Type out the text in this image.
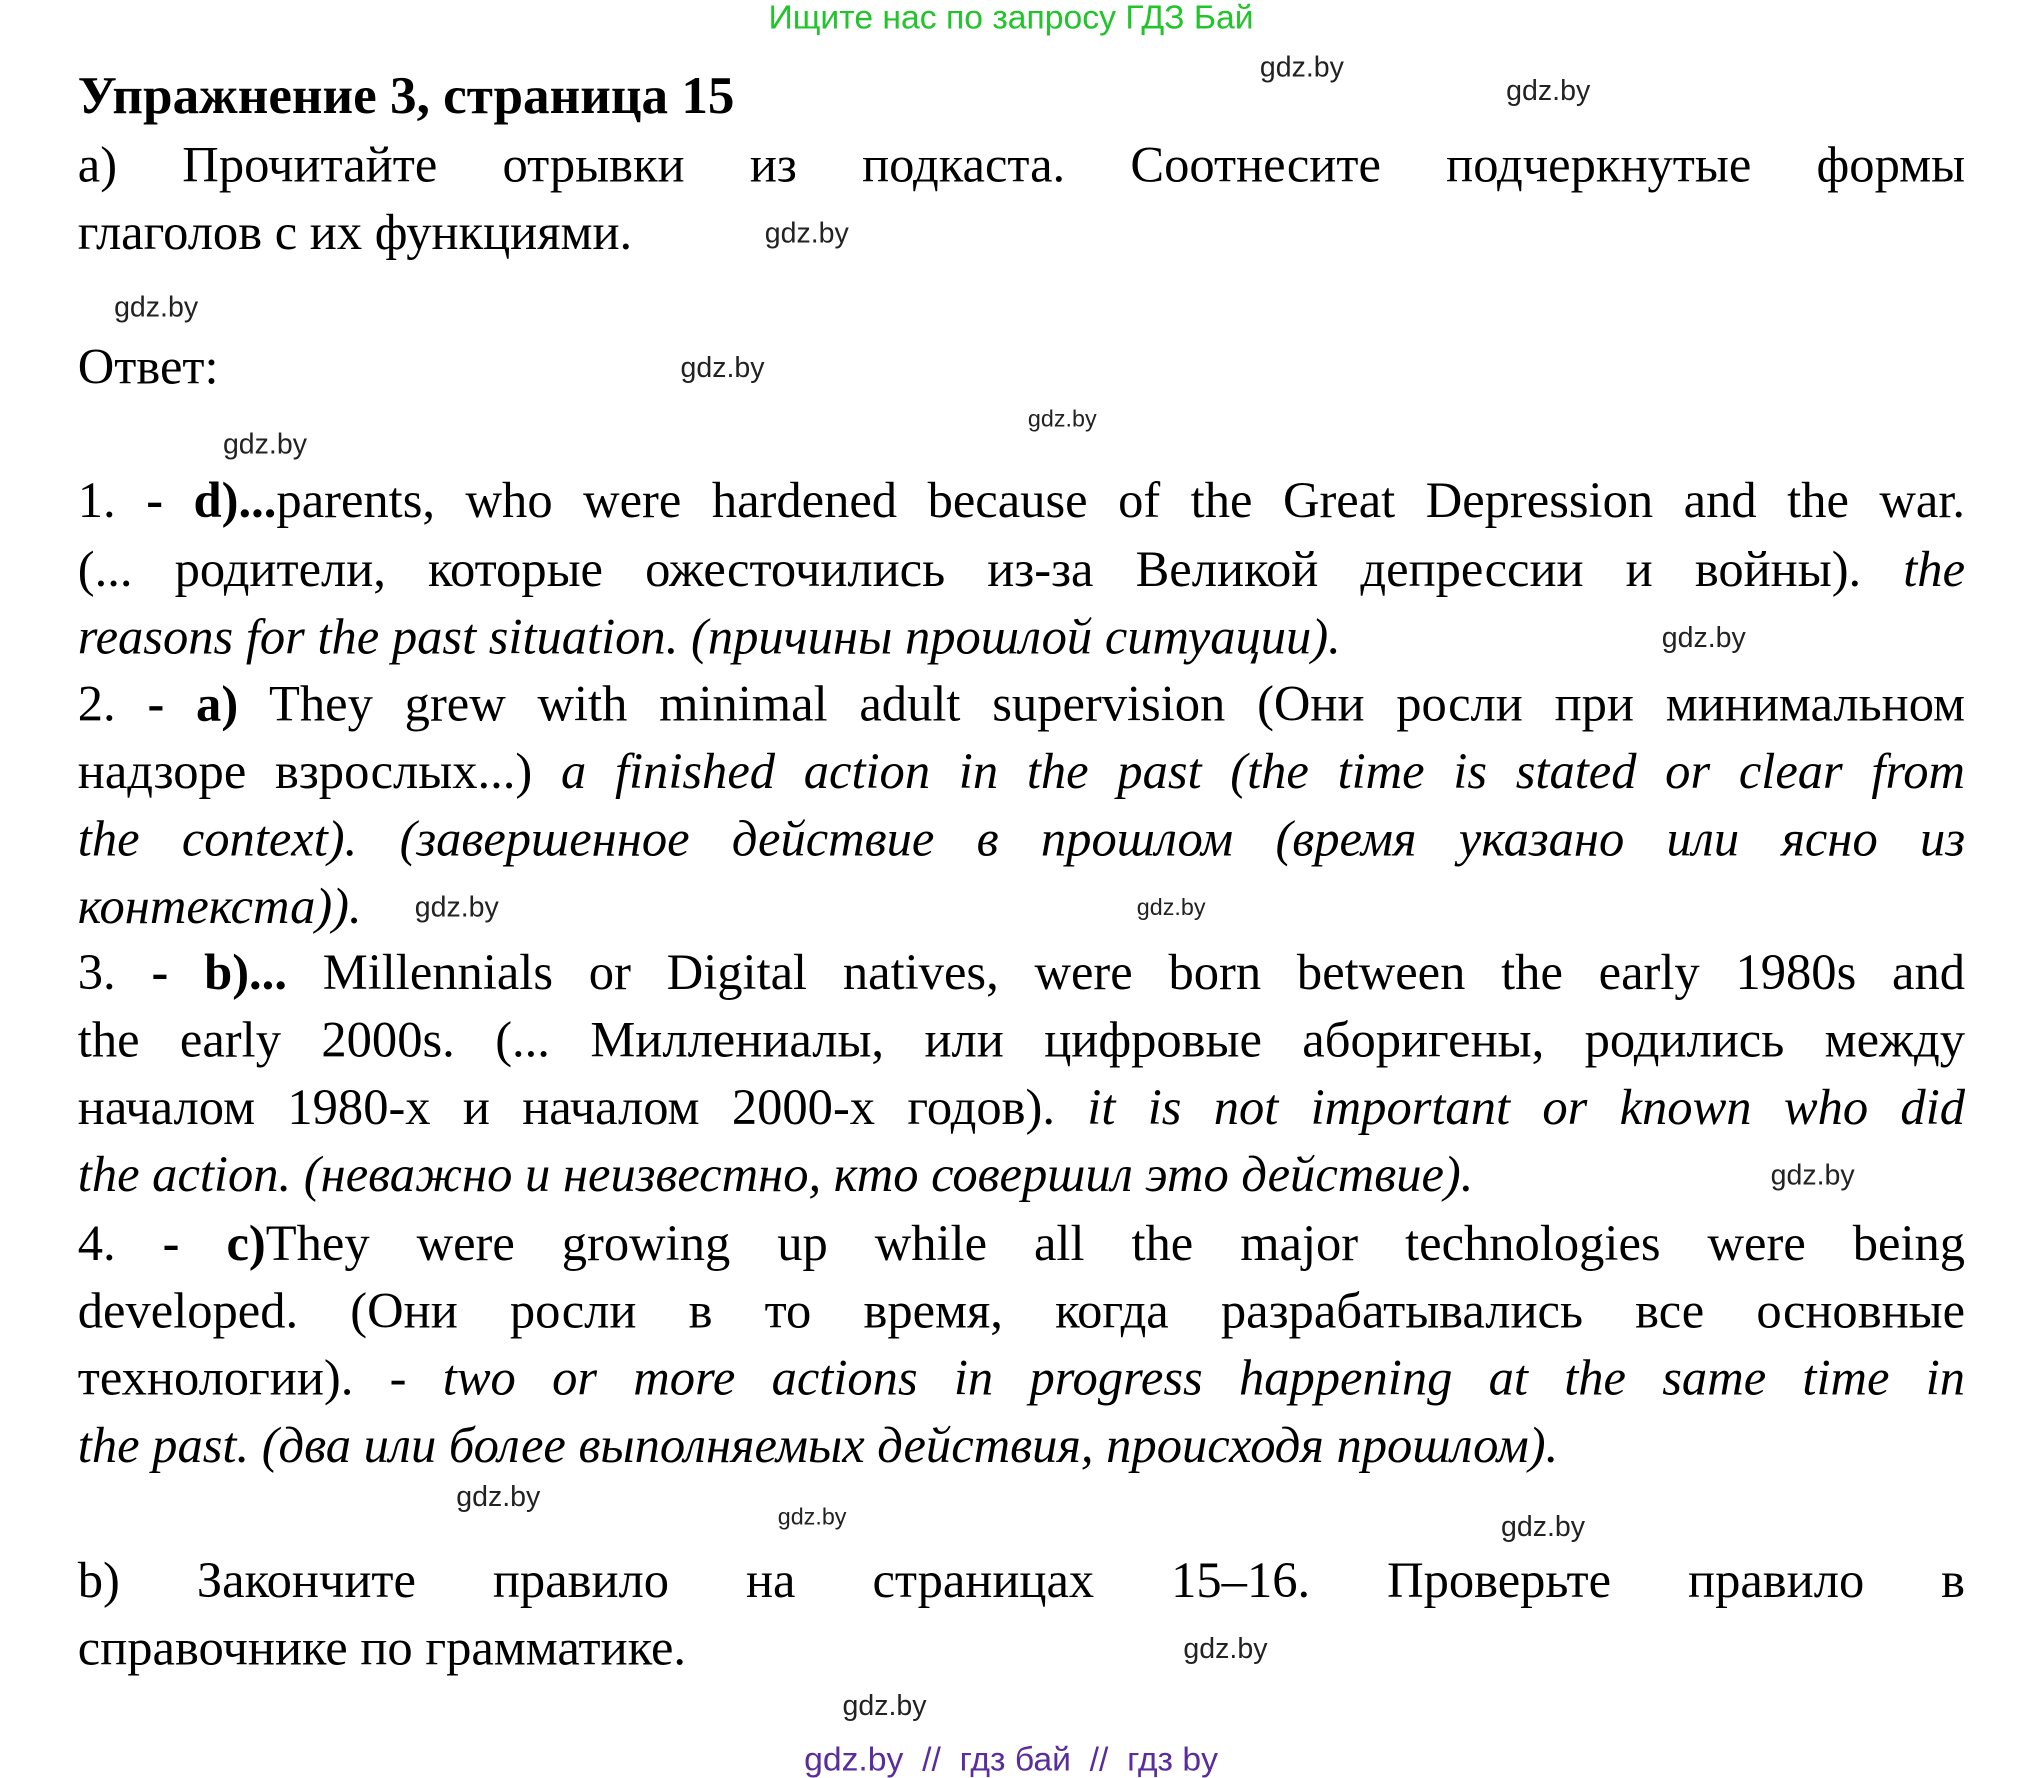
Ищите нас по запросу ГДЗ Бай
Упражнение 3, страница 15
а) Прочитайте отрывки из подкаста. Соотнесите подчеркнутые формы
глаголов с их функциями.
Ответ:
1. - d)...parents, who were hardened because of the Great Depression and the war.
(... родители, которые ожесточились из-за Великой депрессии и войны). the
reasons for the past situation. (причины прошлой ситуации).
2. - a) They grew with minimal adult supervision (Они росли при минимальном
надзоре взрослых...) a finished action in the past (the time is stated or clear from
the context). (завершенное действие в прошлом (время указано или ясно из
контекста)).
3. - b)... Millennials or Digital natives, were born between the early 1980s and
the early 2000s. (... Миллениалы, или цифровые аборигены, родились между
началом 1980-х и началом 2000-х годов). it is not important or known who did
the action. (неважно и неизвестно, кто совершил это действие).
4. - c)They were growing up while all the major technologies were being
developed. (Они росли в то время, когда разрабатывались все основные
технологии). - two or more actions in progress happening at the same time in
the past. (два или более выполняемых действия, происходя прошлом).
b) Закончите правило на страницах 15–16. Проверьте правило в
справочнике по грамматике.
gdz.by
gdz.by
gdz.by
gdz.by
gdz.by
gdz.by
gdz.by
gdz.by
gdz.by	gdz.by
gdz.by
gdz.by
gdz.by
gdz.by
gdz.by
gdz.by
gdz.by  //  гдз бай  //  гдз by
